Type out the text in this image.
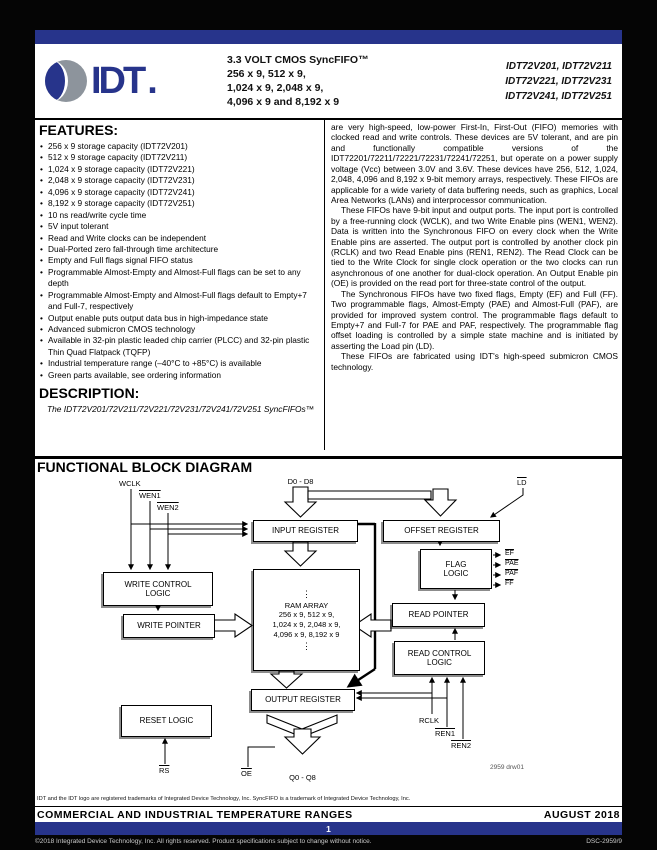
IDT .
3.3 VOLT CMOS SyncFIFO™
256 x 9, 512 x 9,
1,024 x 9, 2,048 x 9,
4,096 x 9 and 8,192 x 9
IDT72V201, IDT72V211
IDT72V221, IDT72V231
IDT72V241, IDT72V251
FEATURES:
• 256 x 9 storage capacity (IDT72V201)
• 512 x 9 storage capacity (IDT72V211)
• 1,024 x 9 storage capacity (IDT72V221)
• 2,048 x 9 storage capacity (IDT72V231)
• 4,096 x 9 storage capacity (IDT72V241)
• 8,192 x 9 storage capacity (IDT72V251)
• 10 ns read/write cycle time
• 5V input tolerant
• Read and Write clocks can be independent
• Dual-Ported zero fall-through time architecture
• Empty and Full flags signal FIFO status
• Programmable Almost-Empty and Almost-Full flags can be set to any depth
• Programmable Almost-Empty and Almost-Full flags default to Empty+7 and Full-7, respectively
• Output enable puts output data bus in high-impedance state
• Advanced submicron CMOS technology
• Available in 32-pin plastic leaded chip carrier (PLCC) and 32-pin plastic Thin Quad Flatpack (TQFP)
• Industrial temperature range (–40°C to +85°C) is available
• Green parts available, see ordering information
DESCRIPTION:
The IDT72V201/72V211/72V221/72V231/72V241/72V251 SyncFIFOs™

are very high-speed, low-power First-In, First-Out (FIFO) memories with clocked read and write controls. These devices are 5V tolerant, and are pin and functionally compatible versions of the IDT72201/72211/72221/72231/72241/72251, but operate on a power supply voltage (Vcc) between 3.0V and 3.6V. These devices have 256, 512, 1,024, 2,048, 4,096 and 8,192 x 9-bit memory arrays, respectively. These FIFOs are applicable for a wide variety of data buffering needs, such as graphics, Local Area Networks (LANs) and interprocessor communication.

These FIFOs have 9-bit input and output ports. The input port is controlled by a free-running clock (WCLK), and two Write Enable pins (WEN1, WEN2). Data is written into the Synchronous FIFO on every clock when the Write Enable pins are asserted. The output port is controlled by another clock pin (RCLK) and two Read Enable pins (REN1, REN2). The Read Clock can be tied to the Write Clock for single clock operation or the two clocks can run asynchronous of one another for dual-clock operation. An Output Enable pin (OE) is provided on the read port for three-state control of the output.

The Synchronous FIFOs have two fixed flags, Empty (EF) and Full (FF). Two programmable flags, Almost-Empty (PAE) and Almost-Full (PAF), are provided for improved system control. The programmable flags default to Empty+7 and Full-7 for PAE and PAF, respectively. The programmable flag offset loading is controlled by a simple state machine and is initiated by asserting the Load pin (LD).

These FIFOs are fabricated using IDT's high-speed submicron CMOS technology.

FUNCTIONAL BLOCK DIAGRAM
INPUT REGISTER	OFFSET REGISTER
WRITE CONTROL LOGIC
FLAG LOGIC
WRITE POINTER
⋮
RAM ARRAY
256 x 9, 512 x 9,
1,024 x 9, 2,048 x 9,
4,096 x 9, 8,192 x 9
⋮
READ POINTER
READ CONTROL LOGIC
OUTPUT REGISTER
RESET LOGIC
WCLK
WEN1
WEN2
D0 - D8	$\overline{LD}$
$\overline{EF}$
$\overline{PAE}$
$\overline{PAF}$
$\overline{FF}$
$\overline{RS}$	$\overline{OE}$	Q0 - Q8
RCLK
REN1
REN2
2959 drw01
IDT and the IDT logo are registered trademarks of Integrated Device Technology, Inc. SyncFIFO is a trademark of Integrated Device Technology, Inc.
COMMERCIAL AND INDUSTRIAL TEMPERATURE RANGES	AUGUST 2018
1
©2018 Integrated Device Technology, Inc. All rights reserved. Product specifications subject to change without notice.	DSC-2959/9
